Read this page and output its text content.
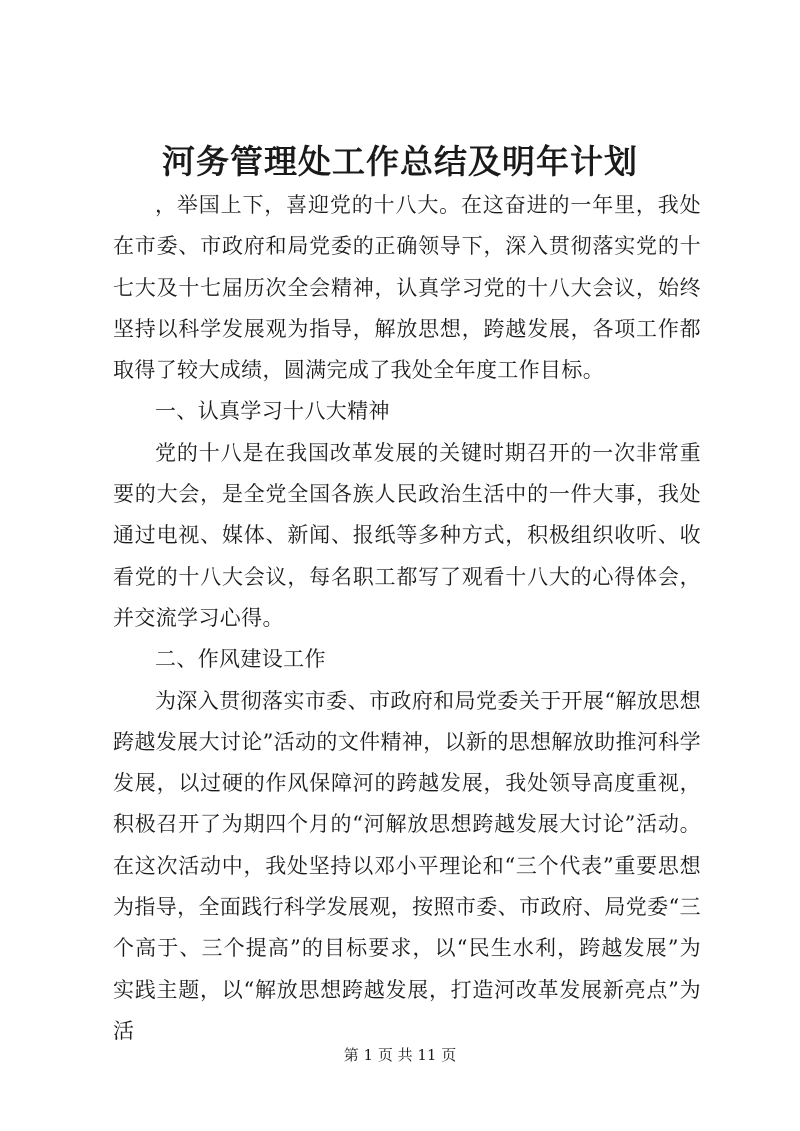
河务管理处工作总结及明年计划

，举国上下，喜迎党的十八大。在这奋进的一年里，我处在市委、市政府和局党委的正确领导下，深入贯彻落实党的十七大及十七届历次全会精神，认真学习党的十八大会议，始终坚持以科学发展观为指导，解放思想，跨越发展，各项工作都取得了较大成绩，圆满完成了我处全年度工作目标。

一、认真学习十八大精神

党的十八是在我国改革发展的关键时期召开的一次非常重要的大会，是全党全国各族人民政治生活中的一件大事，我处通过电视、媒体、新闻、报纸等多种方式，积极组织收听、收看党的十八大会议，每名职工都写了观看十八大的心得体会，并交流学习心得。

二、作风建设工作

为深入贯彻落实市委、市政府和局党委关于开展“解放思想跨越发展大讨论”活动的文件精神，以新的思想解放助推河科学发展，以过硬的作风保障河的跨越发展，我处领导高度重视，积极召开了为期四个月的“河解放思想跨越发展大讨论”活动。在这次活动中，我处坚持以邓小平理论和“三个代表”重要思想为指导，全面践行科学发展观，按照市委、市政府、局党委“三个高于、三个提高”的目标要求，以“民生水利，跨越发展”为实践主题，以“解放思想跨越发展，打造河改革发展新亮点”为活

第 1 页 共 11 页
